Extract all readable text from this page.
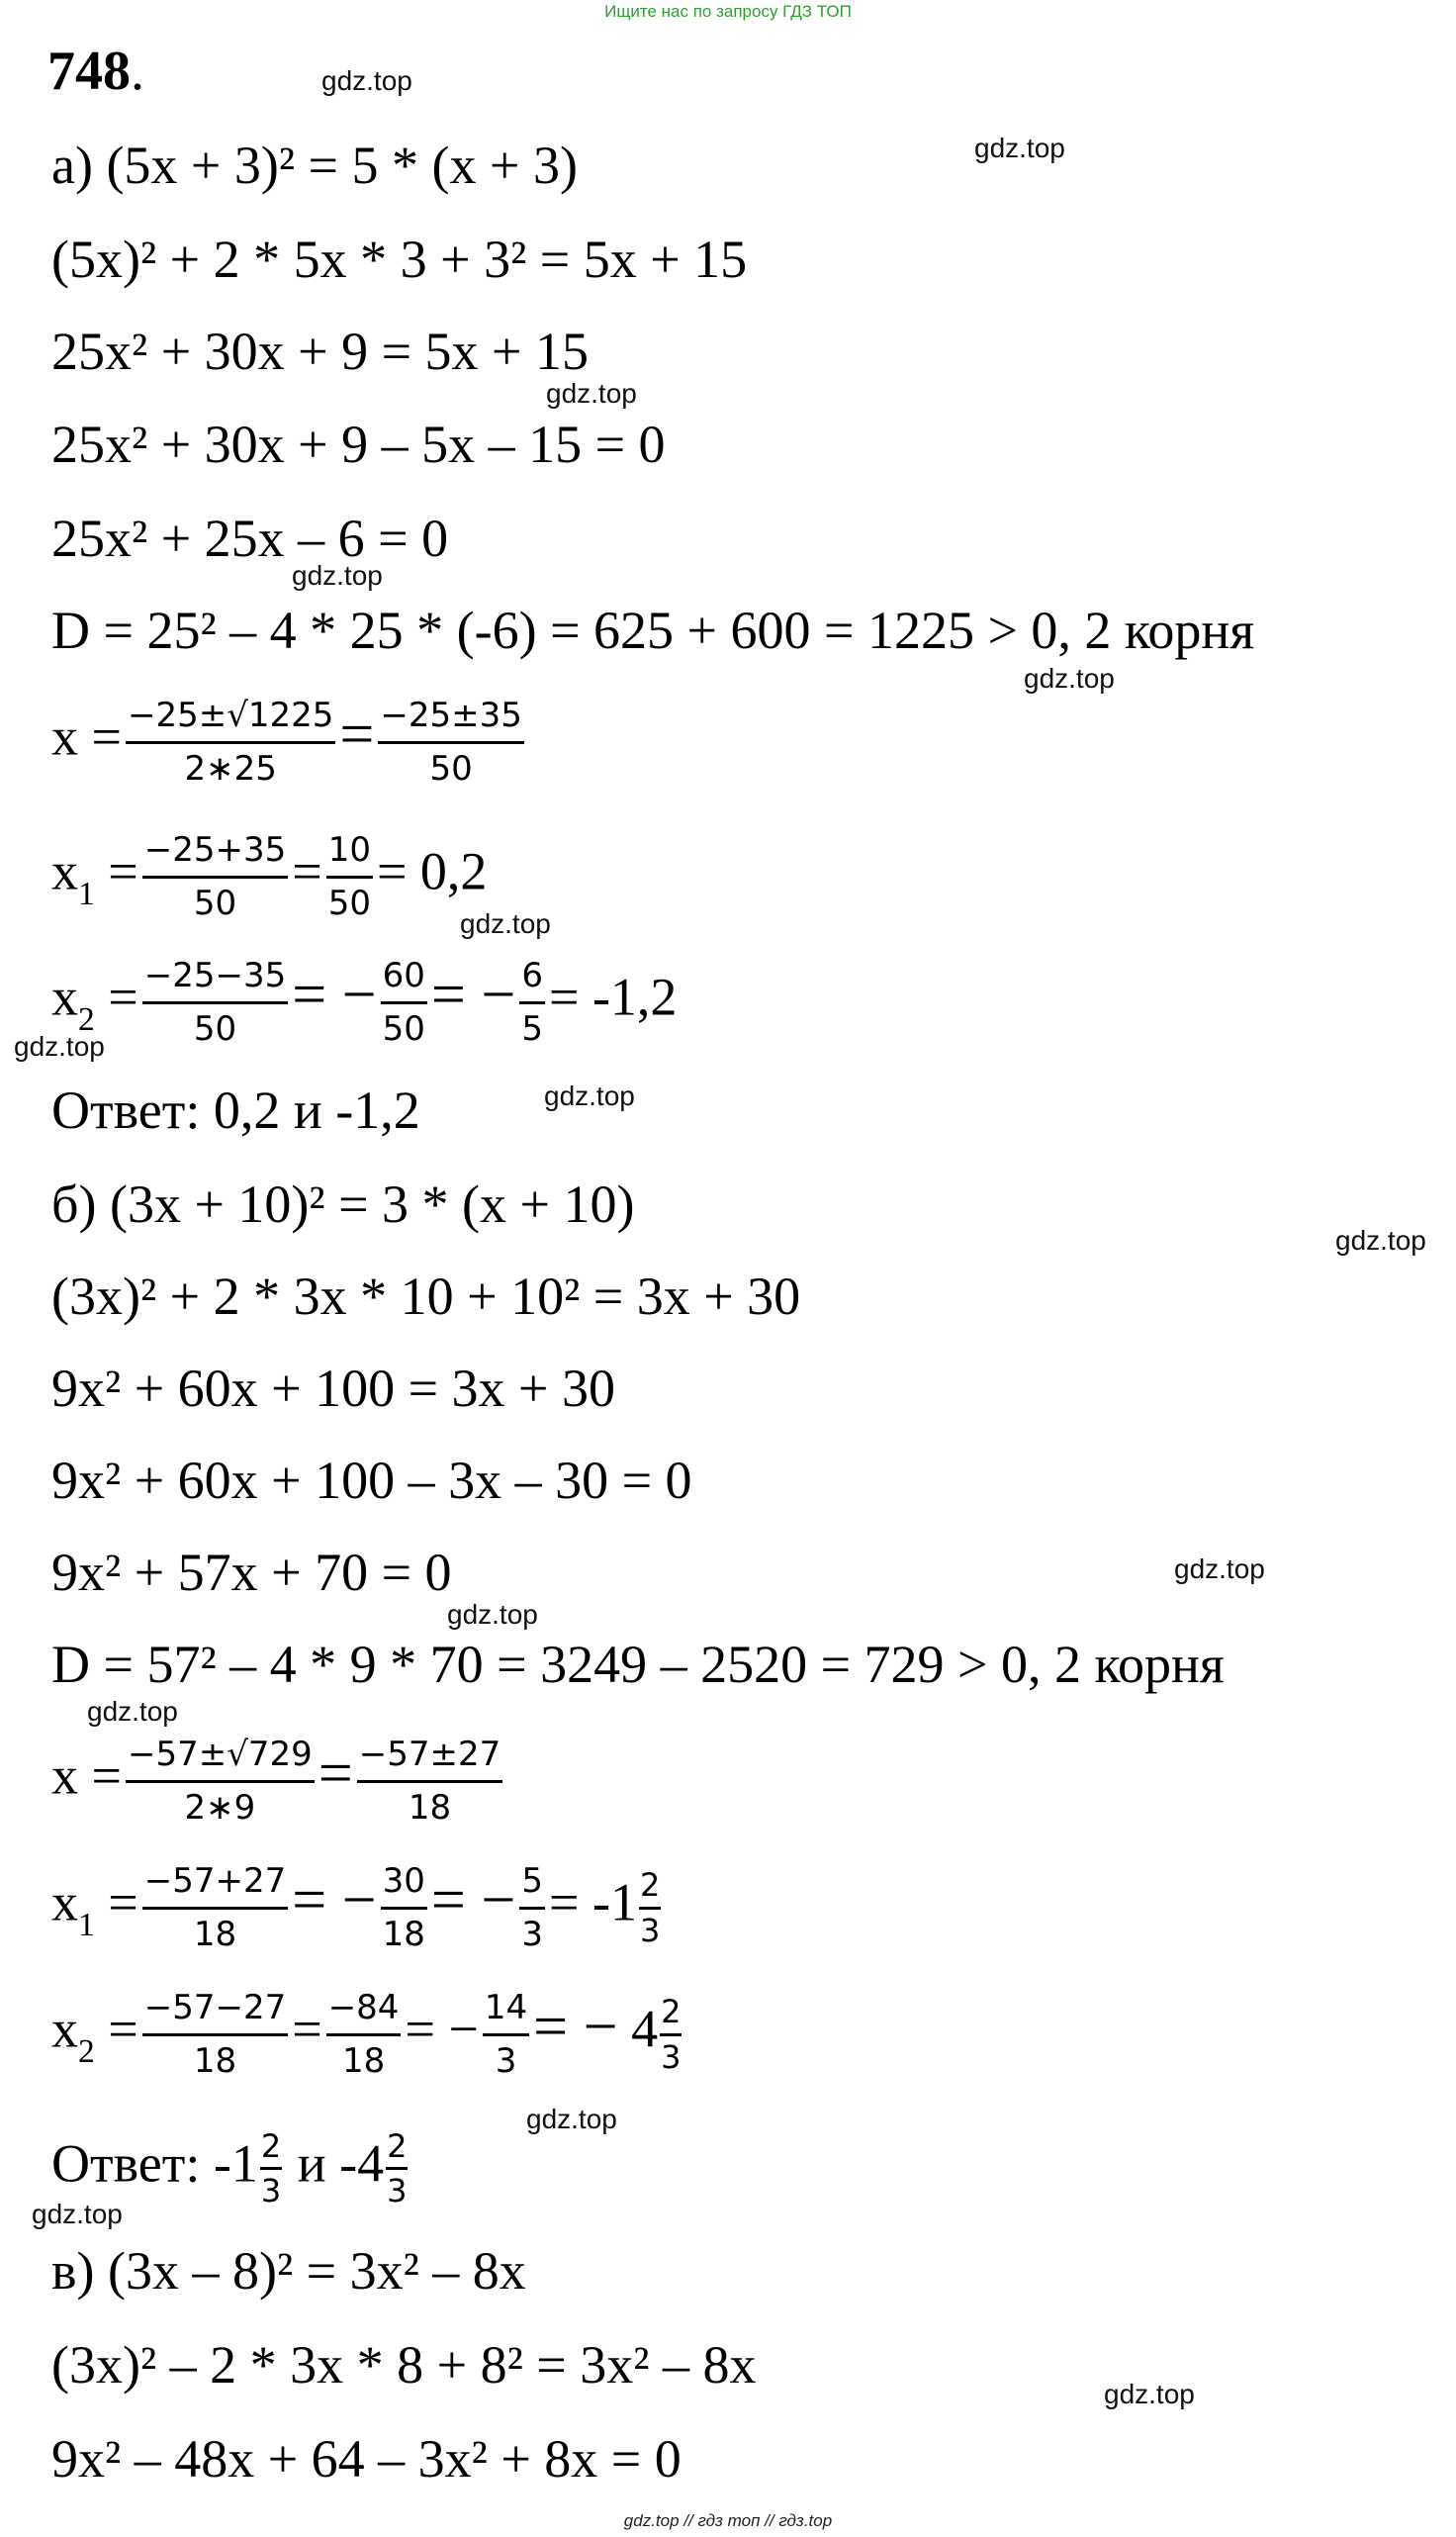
Ищите нас по запросу ГДЗ ТОП
748.
а) (5x + 3)² = 5 * (x + 3)
(5x)² + 2 * 5x * 3 + 3² = 5x + 15
25x² + 30x + 9 = 5x + 15
25x² + 30x + 9 – 5x – 15 = 0
25x² + 25x – 6 = 0
D = 25² – 4 * 25 * (-6) = 625 + 600 = 1225 > 0, 2 корня
$x = \frac{-25\pm√1225}{2∗25} = \frac{-25\pm 35}{50}$
$x_1 = \frac{-25+35}{50} = \frac{10}{50} = 0,2$
$x_2 = \frac{-25-35}{50}$ = − $\frac{60}{50}$ = − $\frac{6}{5} = -1,2$
Ответ: 0,2 и -1,2
б) (3x + 10)² = 3 * (x + 10)
(3x)² + 2 * 3x * 10 + 10² = 3x + 30
9x² + 60x + 100 = 3x + 30
9x² + 60x + 100 – 3x – 30 = 0
9x² + 57x + 70 = 0
D = 57² – 4 * 9 * 70 = 3249 – 2520 = 729 > 0, 2 корня
$x = \frac{-57\pm√729}{2∗9} = \frac{-57\pm 27}{18}$
$x_1 = \frac{-57+27}{18}$ = − $\frac{30}{18}$ = − $\frac{5}{3} = -1 \frac{2}{3}$
$x_2 = \frac{-57-27}{18} = \frac{-84}{18}$ = − $\frac{14}{3}$ = − $4 \frac{2}{3}$
Ответ: $-1 \frac{2}{3}$ и $-4 \frac{2}{3}$
в) (3x – 8)² = 3x² – 8x
(3x)² – 2 * 3x * 8 + 8² = 3x² – 8x
9x² – 48x + 64 – 3x² + 8x = 0
gdz.top
gdz.top
gdz.top
gdz.top
gdz.top
gdz.top
gdz.top
gdz.top
gdz.top
gdz.top
gdz.top
gdz.top
gdz.top
gdz.top
gdz.top
gdz.top // гдз топ // гдз.top
